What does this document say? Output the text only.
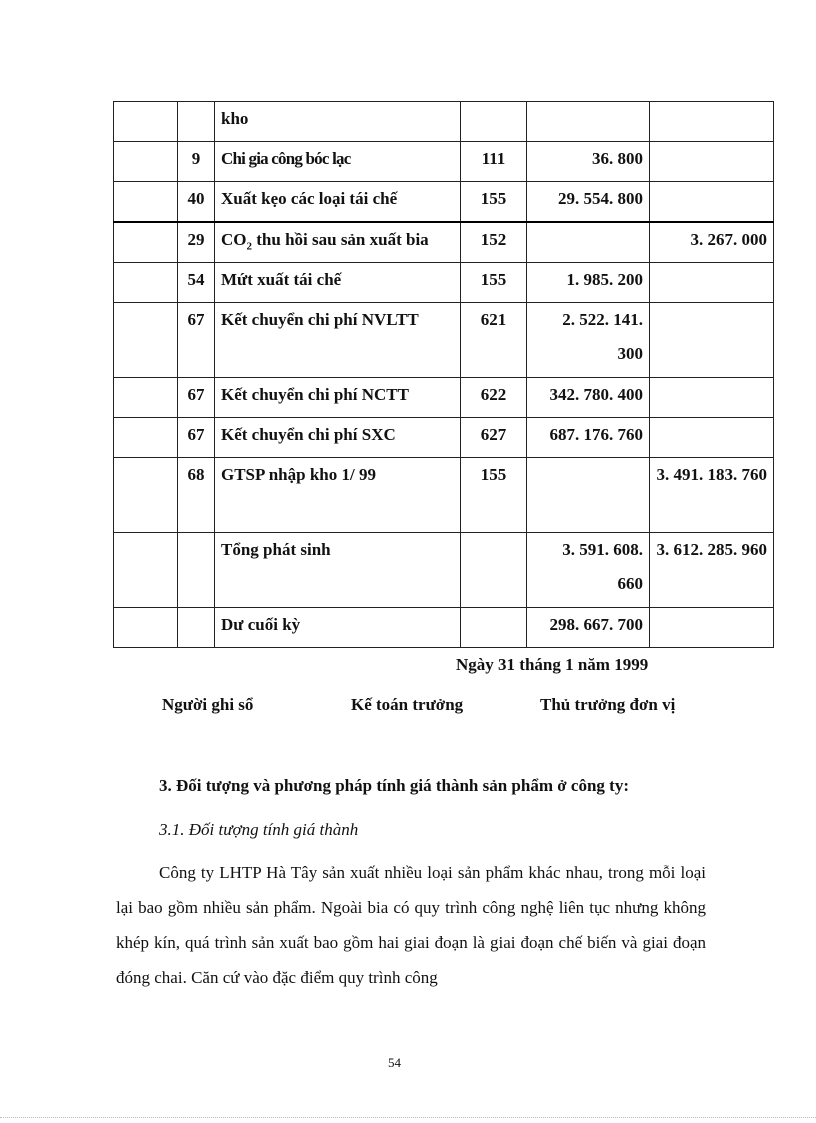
		kho			
	9	Chi gia công bóc lạc	111	36. 800	
	40	Xuất kẹo các loại tái chế	155	29. 554. 800	
	29	$CO_2$ thu hồi sau sản xuất bia	152		3. 267. 000
	54	Mứt xuất tái chế	155	1. 985. 200	
	67	Kết chuyển chi phí NVLTT	621	2. 522. 141. 300	
	67	Kết chuyển chi phí NCTT	622	342. 780. 400	
	67	Kết chuyển chi phí SXC	627	687. 176. 760	
	68	GTSP nhập kho 1/ 99	155		3. 491. 183. 760
		Tổng phát sinh		3. 591. 608. 660	3. 612. 285. 960
		Dư cuối kỳ		298. 667. 700	
Ngày 31 tháng 1 năm 1999
Người ghi sổ	Kế toán trưởng	Thủ trưởng đơn vị
3. Đối tượng và phương pháp tính giá thành sản phẩm ở công ty:
3.1. Đối tượng tính giá thành

Công ty LHTP Hà Tây sản xuất nhiều loại sản phẩm khác nhau, trong mỗi loại lại bao gồm nhiều sản phẩm. Ngoài bia có quy trình công nghệ liên tục nhưng không khép kín, quá trình sản xuất bao gồm hai giai đoạn là giai đoạn chế biến và giai đoạn đóng chai. Căn cứ vào đặc điểm quy trình công

54
